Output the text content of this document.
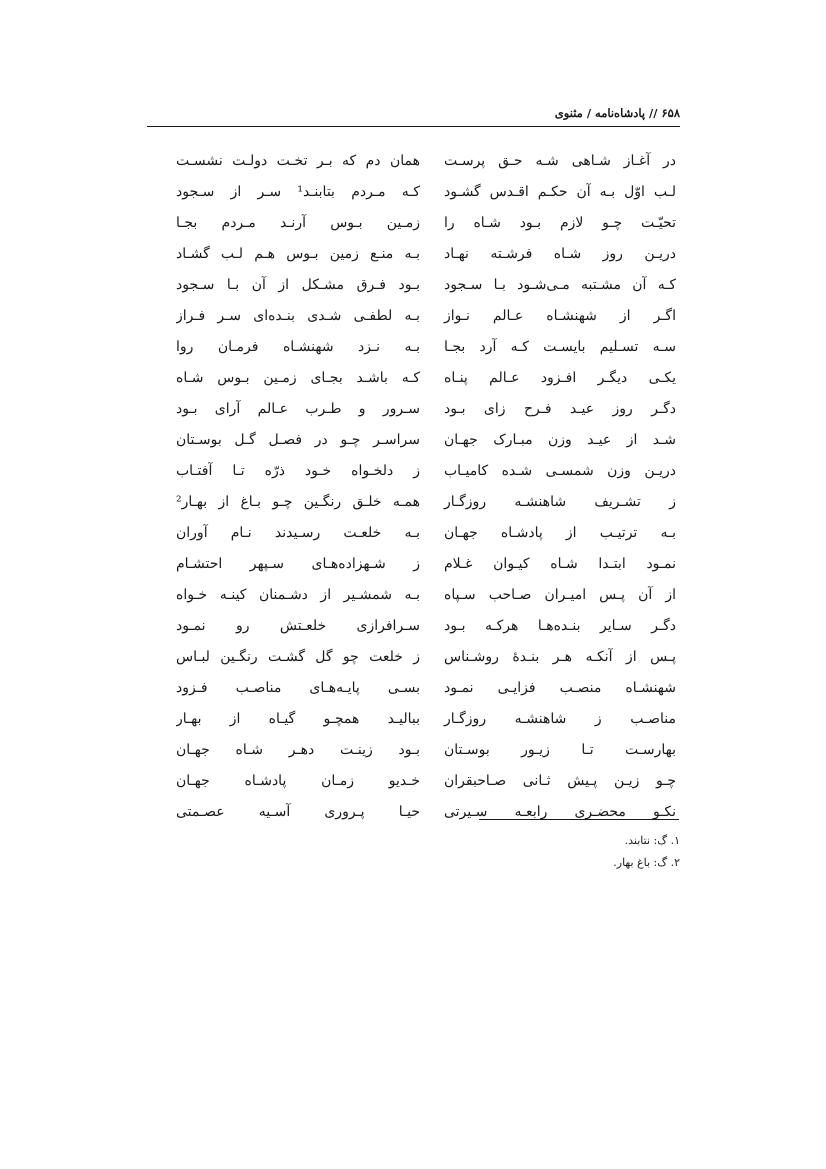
۶۵۸ // پادشاه‌نامه / مثنوی
در آغـاز شـاهی شـه حـق پرسـت
همان دم که بـر تخـت دولـت نشسـت
لـب اوّل بـه آن حکـم اقـدس گشـود
کـه مـردم بتابنـد¹ سـر از سـجود
تحیّـت چـو لازم بـود شـاه را
زمـین بـوس آرنـد مـردم بجـا
دریـن روز شـاه فرشـته نهـاد
بـه منـع زمین بـوس هـم لـب گشـاد
کـه آن مشـتبه مـی‌شـود بـا سـجود
بـود فـرق مشـکل از آن بـا سـجود
اگـر از شهنشـاه عـالم نـواز
بـه لطفـی شـدی بنـده‌ای سـر فـراز
سـه تسـلیم بایسـت کـه آرد بجـا
بـه نـزد شهنشـاه فرمـان روا
یکـی دیگـر افـزود عـالم پنـاه
کـه باشـد بجـای زمـین بـوس شـاه
دگـر روز عیـد فـرح زای بـود
سـرور و طـرب عـالم آرای بـود
شـد از عیـد وزن مبـارک جهـان
سراسـر چـو در فصـل گـل بوسـتان
دریـن وزن شمسـی شـده کامیـاب
ز دلخـواه خـود ذرّه تـا آفتـاب
ز تشـریف شاهنشـه روزگـار
همـه خلـق رنگـین چـو بـاغ از بهـار²
بـه ترتیـب از پادشـاه جهـان
بـه خلعـت رسـیدند نـام آوران
نمـود ابتـدا شـاه کیـوان غـلام
ز شـهزاده‌هـای سـپهر احتشـام
از آن پـس امیـران صـاحب سـپاه
بـه شمشـیر از دشـمنان کینـه خـواه
دگـر سـایر بنـده‌هـا هرکـه بـود
سـرافرازی خلعـتش رو نمـود
پـس از آنکـه هـر بنـدۀ روشـناس
ز خلعت چو گل گشـت رنگـین لبـاس
شهنشـاه منصـب فزایـی نمـود
بسـی پایـه‌هـای مناصـب فـزود
مناصـب ز شاهنشـه روزگـار
ببالیـد همچـو گیـاه از بهـار
بهارسـت تـا زیـور بوسـتان
بـود زینـت دهـر شـاه جهـان
چـو زیـن پـیش ثـانی صـاحبقران
خـدیو زمـان پادشـاه جهـان
نکـو محضـری رابعـه سـیرتی
حیـا پـروری آسـیه عصـمتی
۱. گ: نتابند.
۲. گ: باغ بهار.
